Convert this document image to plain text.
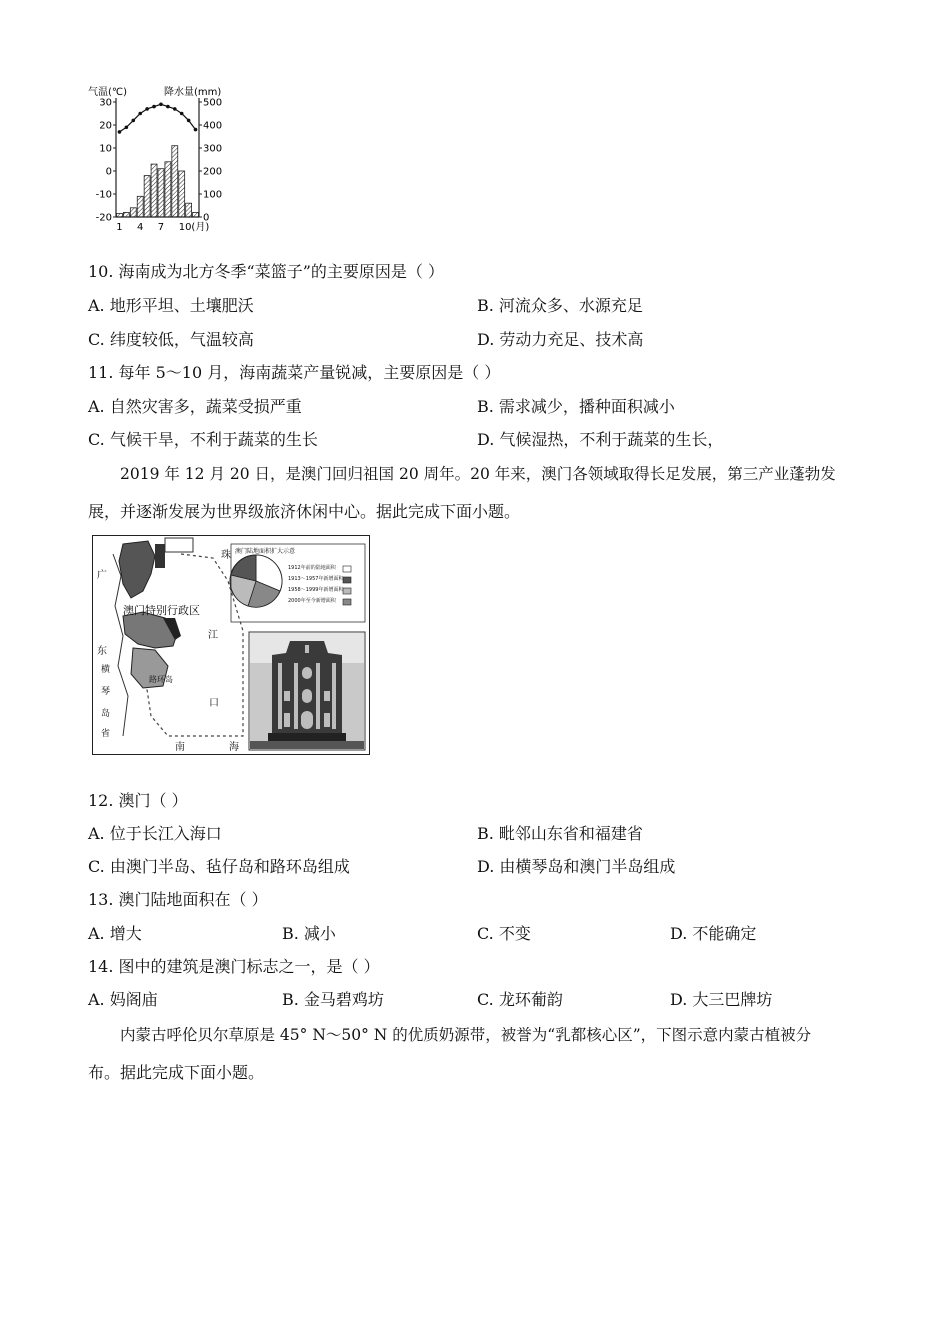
气温(℃)	降水量(mm)
30
20
10
0
-10
-20
500
400
300
200
100
0
1 4 7 10(月)
10. 海南成为北方冬季“菜篮子”的主要原因是（ ）
A. 地形平坦、土壤肥沃	B. 河流众多、水源充足
C. 纬度较低，气温较高	D. 劳动力充足、技术高
11. 每年 5～10 月，海南蔬菜产量锐减，主要原因是（ ）
A. 自然灾害多，蔬菜受损严重	B. 需求减少，播种面积减小
C. 气候干旱，不利于蔬菜的生长	D. 气候湿热，不利于蔬菜的生长，
2019 年 12 月 20 日，是澳门回归祖国 20 周年。20 年来，澳门各领域取得长足发展，第三产业蓬勃发
展，并逐渐发展为世界级旅济休闲中心。据此完成下面小题。
澳门特别行政区
广
东
横
琴
岛
省
珠
江
口
路环岛
南	海
澳门陆地面积扩大示意
1912年前的陆地面积
1913～1957年新增面积
1958～1999年新增面积
2000年至今新增面积
12. 澳门（ ）
A. 位于长江入海口	B. 毗邻山东省和福建省
C. 由澳门半岛、毡仔岛和路环岛组成	D. 由横琴岛和澳门半岛组成
13. 澳门陆地面积在（ ）
A. 增大	B. 减小	C. 不变	D. 不能确定
14. 图中的建筑是澳门标志之一，是（ ）
A. 妈阁庙	B. 金马碧鸡坊	C. 龙环葡韵	D. 大三巴牌坊
内蒙古呼伦贝尔草原是 45° N～50° N 的优质奶源带，被誉为“乳都核心区”，下图示意内蒙古植被分
布。据此完成下面小题。
